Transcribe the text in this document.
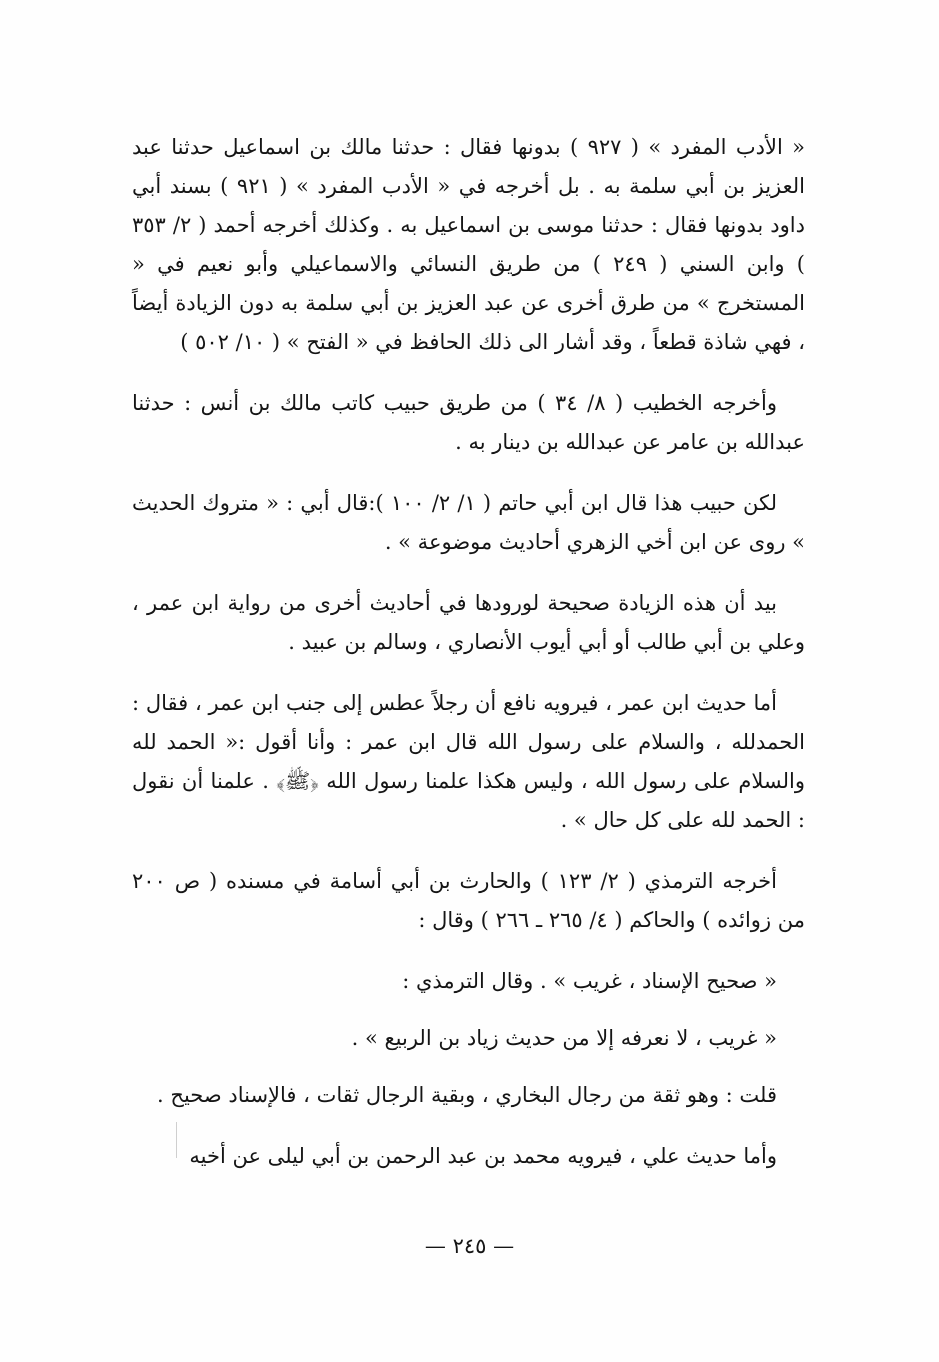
« الأدب المفرد » ( ٩٢٧ ) بدونها فقال : حدثنا مالك بن اسماعيل حدثنا عبد العزيز بن أبي سلمة به . بل أخرجه في « الأدب المفرد » ( ٩٢١ ) بسند أبي داود بدونها فقال : حدثنا موسى بن اسماعيل به . وكذلك أخرجه أحمد ( ٢/ ٣٥٣ ) وابن السني ( ٢٤٩ ) من طريق النسائي والاسماعيلي وأبو نعيم في « المستخرج » من طرق أخرى عن عبد العزيز بن أبي سلمة به دون الزيادة أيضاً ، فهي شاذة قطعاً ، وقد أشار الى ذلك الحافظ في « الفتح » ( ١٠/ ٥٠٢ )

وأخرجه الخطيب ( ٨/ ٣٤ ) من طريق حبيب كاتب مالك بن أنس : حدثنا عبدالله بن عامر عن عبدالله بن دينار به .

لكن حبيب هذا قال ابن أبي حاتم ( ١/ ٢/ ١٠٠ ):قال أبي : « متروك الحديث » روى عن ابن أخي الزهري أحاديث موضوعة » .

بيد أن هذه الزيادة صحيحة لورودها في أحاديث أخرى من رواية ابن عمر ، وعلي بن أبي طالب أو أبي أيوب الأنصاري ، وسالم بن عبيد .

أما حديث ابن عمر ، فيرويه نافع أن رجلاً عطس إلى جنب ابن عمر ، فقال : الحمدلله ، والسلام على رسول الله قال ابن عمر : وأنا أقول :« الحمد لله والسلام على رسول الله ، وليس هكذا علمنا رسول الله ﴿ﷺ﴾ . علمنا أن نقول : الحمد لله على كل حال » .

أخرجه الترمذي ( ٢/ ١٢٣ ) والحارث بن أبي أسامة في مسنده ( ص ٢٠٠ من زوائده ) والحاكم ( ٤/ ٢٦٥ ـ ٢٦٦ ) وقال :

« صحيح الإسناد ، غريب » . وقال الترمذي :

« غريب ، لا نعرفه إلا من حديث زياد بن الربيع » .

قلت : وهو ثقة من رجال البخاري ، وبقية الرجال ثقات ، فالإسناد صحيح .

وأما حديث علي ، فيرويه محمد بن عبد الرحمن بن أبي ليلى عن أخيه

— ٢٤٥ —
